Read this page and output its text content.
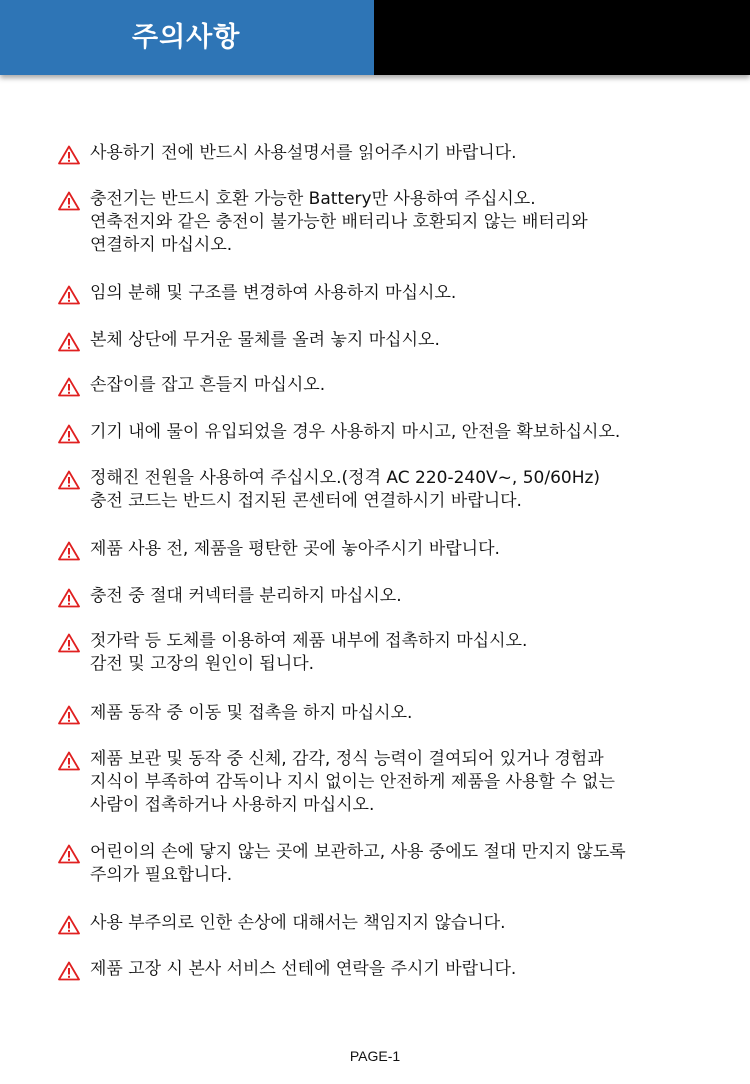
주의사항
사용하기 전에 반드시 사용설명서를 읽어주시기 바랍니다.
충전기는 반드시 호환 가능한 Battery만 사용하여 주십시오.
연축전지와 같은 충전이 불가능한 배터리나 호환되지 않는 배터리와
연결하지 마십시오.
임의 분해 및 구조를 변경하여 사용하지 마십시오.
본체 상단에 무거운 물체를 올려 놓지 마십시오.
손잡이를 잡고 흔들지 마십시오.
기기 내에 물이 유입되었을 경우 사용하지 마시고, 안전을 확보하십시오.
정해진 전원을 사용하여 주십시오.(정격 AC 220-240V~, 50/60Hz)
충전 코드는 반드시 접지된 콘센터에 연결하시기 바랍니다.
제품 사용 전, 제품을 평탄한 곳에 놓아주시기 바랍니다.
충전 중 절대 커넥터를 분리하지 마십시오.
젓가락 등 도체를 이용하여 제품 내부에 접촉하지 마십시오.
감전 및 고장의 원인이 됩니다.
제품 동작 중 이동 및 접촉을 하지 마십시오.
제품 보관 및 동작 중 신체, 감각, 정식 능력이 결여되어 있거나 경험과
지식이 부족하여 감독이나 지시 없이는 안전하게 제품을 사용할 수 없는
사람이 접촉하거나 사용하지 마십시오.
어린이의 손에 닿지 않는 곳에 보관하고, 사용 중에도 절대 만지지 않도록
주의가 필요합니다.
사용 부주의로 인한 손상에 대해서는 책임지지 않습니다.
제품 고장 시 본사 서비스 선테에 연락을 주시기 바랍니다.
PAGE-1
